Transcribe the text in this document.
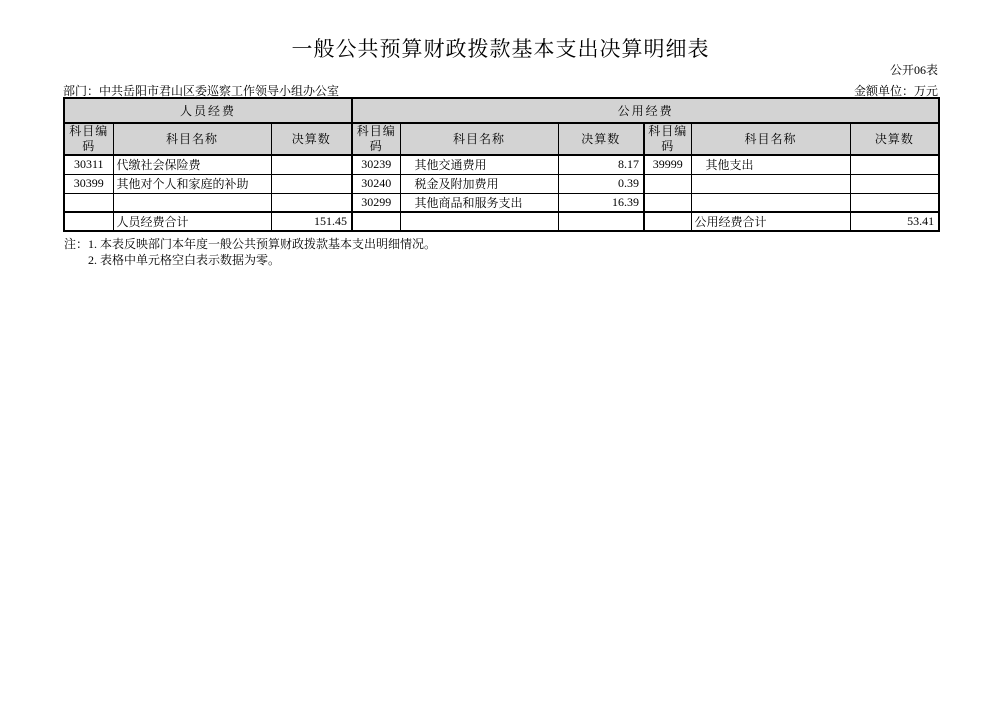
一般公共预算财政拨款基本支出决算明细表
公开06表
部门：中共岳阳市君山区委巡察工作领导小组办公室	金额单位：万元
人员经费			公用经费					
科目编码	科目名称	决算数	科目编码	科目名称	决算数	科目编码	科目名称	决算数
30311	代缴社会保险费		30239	其他交通费用	8.17	39999	其他支出	
30399	其他对个人和家庭的补助		30240	税金及附加费用	0.39			
			30299	其他商品和服务支出	16.39			
	人员经费合计	151.45					公用经费合计	53.41
注：1. 本表反映部门本年度一般公共预算财政拨款基本支出明细情况。
2. 表格中单元格空白表示数据为零。
